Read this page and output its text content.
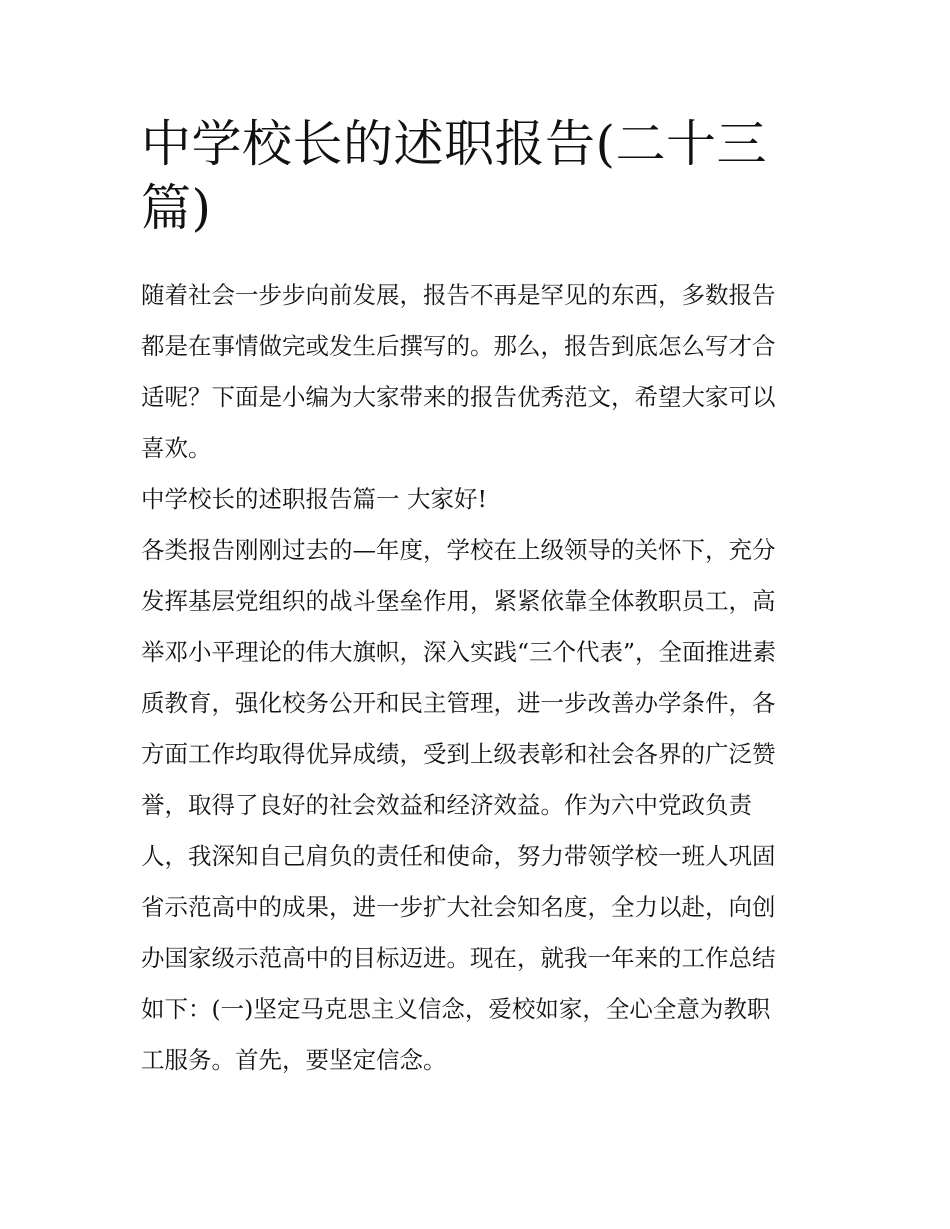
中学校长的述职报告(二十三
篇)
随着社会一步步向前发展，报告不再是罕见的东西，多数报告
都是在事情做完或发生后撰写的。那么，报告到底怎么写才合
适呢？下面是小编为大家带来的报告优秀范文，希望大家可以
喜欢。
中学校长的述职报告篇一 大家好!
各类报告刚刚过去的—年度，学校在上级领导的关怀下，充分
发挥基层党组织的战斗堡垒作用，紧紧依靠全体教职员工，高
举邓小平理论的伟大旗帜，深入实践“三个代表”，全面推进素
质教育，强化校务公开和民主管理，进一步改善办学条件，各
方面工作均取得优异成绩，受到上级表彰和社会各界的广泛赞
誉，取得了良好的社会效益和经济效益。作为六中党政负责
人，我深知自己肩负的责任和使命，努力带领学校一班人巩固
省示范高中的成果，进一步扩大社会知名度，全力以赴，向创
办国家级示范高中的目标迈进。现在，就我一年来的工作总结
如下：(一)坚定马克思主义信念，爱校如家，全心全意为教职
工服务。首先，要坚定信念。
